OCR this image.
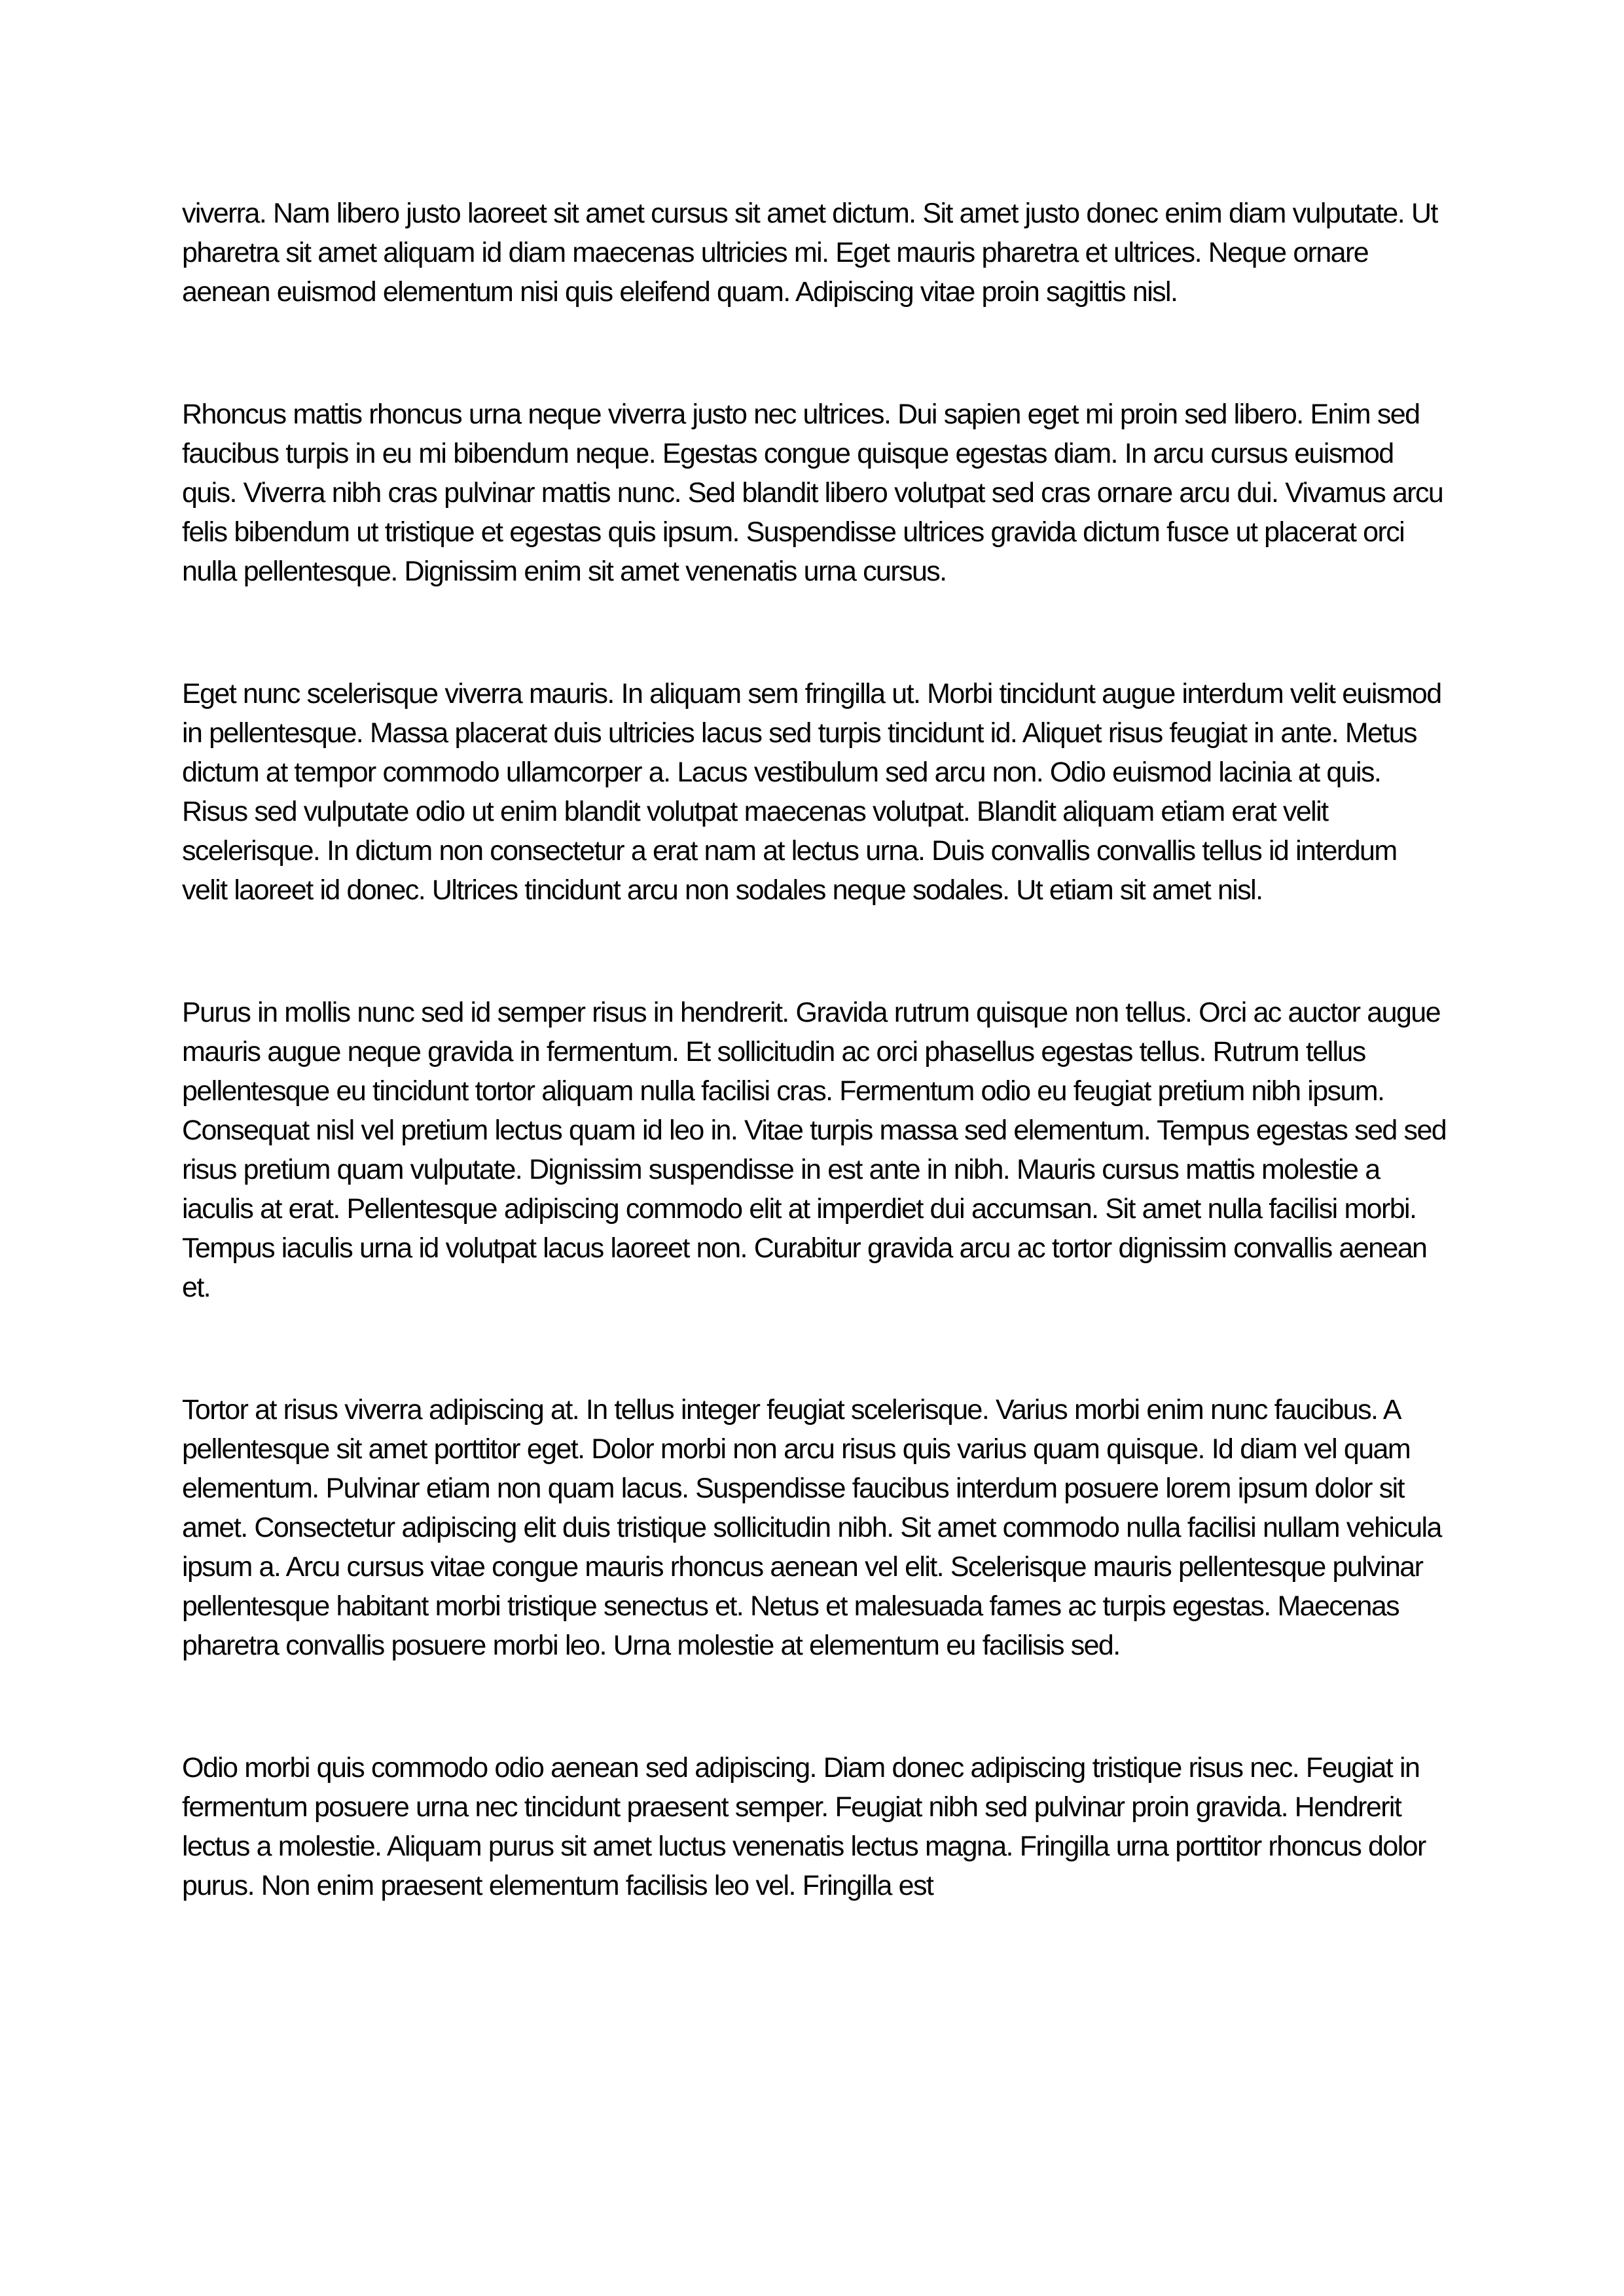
viverra. Nam libero justo laoreet sit amet cursus sit amet dictum. Sit amet justo donec enim diam vulputate. Ut pharetra sit amet aliquam id diam maecenas ultricies mi. Eget mauris pharetra et ultrices. Neque ornare aenean euismod elementum nisi quis eleifend quam. Adipiscing vitae proin sagittis nisl.

Rhoncus mattis rhoncus urna neque viverra justo nec ultrices. Dui sapien eget mi proin sed libero. Enim sed faucibus turpis in eu mi bibendum neque. Egestas congue quisque egestas diam. In arcu cursus euismod quis. Viverra nibh cras pulvinar mattis nunc. Sed blandit libero volutpat sed cras ornare arcu dui. Vivamus arcu felis bibendum ut tristique et egestas quis ipsum. Suspendisse ultrices gravida dictum fusce ut placerat orci nulla pellentesque. Dignissim enim sit amet venenatis urna cursus.

Eget nunc scelerisque viverra mauris. In aliquam sem fringilla ut. Morbi tincidunt augue interdum velit euismod in pellentesque. Massa placerat duis ultricies lacus sed turpis tincidunt id. Aliquet risus feugiat in ante. Metus dictum at tempor commodo ullamcorper a. Lacus vestibulum sed arcu non. Odio euismod lacinia at quis. Risus sed vulputate odio ut enim blandit volutpat maecenas volutpat. Blandit aliquam etiam erat velit scelerisque. In dictum non consectetur a erat nam at lectus urna. Duis convallis convallis tellus id interdum velit laoreet id donec. Ultrices tincidunt arcu non sodales neque sodales. Ut etiam sit amet nisl.

Purus in mollis nunc sed id semper risus in hendrerit. Gravida rutrum quisque non tellus. Orci ac auctor augue mauris augue neque gravida in fermentum. Et sollicitudin ac orci phasellus egestas tellus. Rutrum tellus pellentesque eu tincidunt tortor aliquam nulla facilisi cras. Fermentum odio eu feugiat pretium nibh ipsum. Consequat nisl vel pretium lectus quam id leo in. Vitae turpis massa sed elementum. Tempus egestas sed sed risus pretium quam vulputate. Dignissim suspendisse in est ante in nibh. Mauris cursus mattis molestie a iaculis at erat. Pellentesque adipiscing commodo elit at imperdiet dui accumsan. Sit amet nulla facilisi morbi. Tempus iaculis urna id volutpat lacus laoreet non. Curabitur gravida arcu ac tortor dignissim convallis aenean et.

Tortor at risus viverra adipiscing at. In tellus integer feugiat scelerisque. Varius morbi enim nunc faucibus. A pellentesque sit amet porttitor eget. Dolor morbi non arcu risus quis varius quam quisque. Id diam vel quam elementum. Pulvinar etiam non quam lacus. Suspendisse faucibus interdum posuere lorem ipsum dolor sit amet. Consectetur adipiscing elit duis tristique sollicitudin nibh. Sit amet commodo nulla facilisi nullam vehicula ipsum a. Arcu cursus vitae congue mauris rhoncus aenean vel elit. Scelerisque mauris pellentesque pulvinar pellentesque habitant morbi tristique senectus et. Netus et malesuada fames ac turpis egestas. Maecenas pharetra convallis posuere morbi leo. Urna molestie at elementum eu facilisis sed.

Odio morbi quis commodo odio aenean sed adipiscing. Diam donec adipiscing tristique risus nec. Feugiat in fermentum posuere urna nec tincidunt praesent semper. Feugiat nibh sed pulvinar proin gravida. Hendrerit lectus a molestie. Aliquam purus sit amet luctus venenatis lectus magna. Fringilla urna porttitor rhoncus dolor purus. Non enim praesent elementum facilisis leo vel. Fringilla est
